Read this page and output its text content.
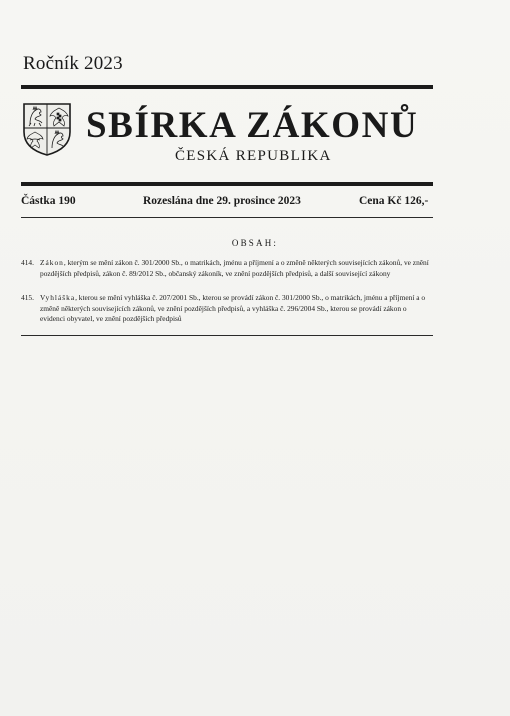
Ročník 2023
SBÍRKA ZÁKONŮ
ČESKÁ REPUBLIKA
Částka 190	Rozeslána dne 29. prosince 2023	Cena Kč 126,-
OBSAH:
414. Zákon, kterým se mění zákon č. 301/2000 Sb., o matrikách, jménu a příjmení a o změně některých souvisejících zákonů, ve znění pozdějších předpisů, zákon č. 89/2012 Sb., občanský zákoník, ve znění pozdějších předpisů, a další související zákony
415. Vyhláška, kterou se mění vyhláška č. 207/2001 Sb., kterou se provádí zákon č. 301/2000 Sb., o matrikách, jménu a příjmení a o změně některých souvisejících zákonů, ve znění pozdějších předpisů, a vyhláška č. 296/2004 Sb., kterou se provádí zákon o evidenci obyvatel, ve znění pozdějších předpisů
